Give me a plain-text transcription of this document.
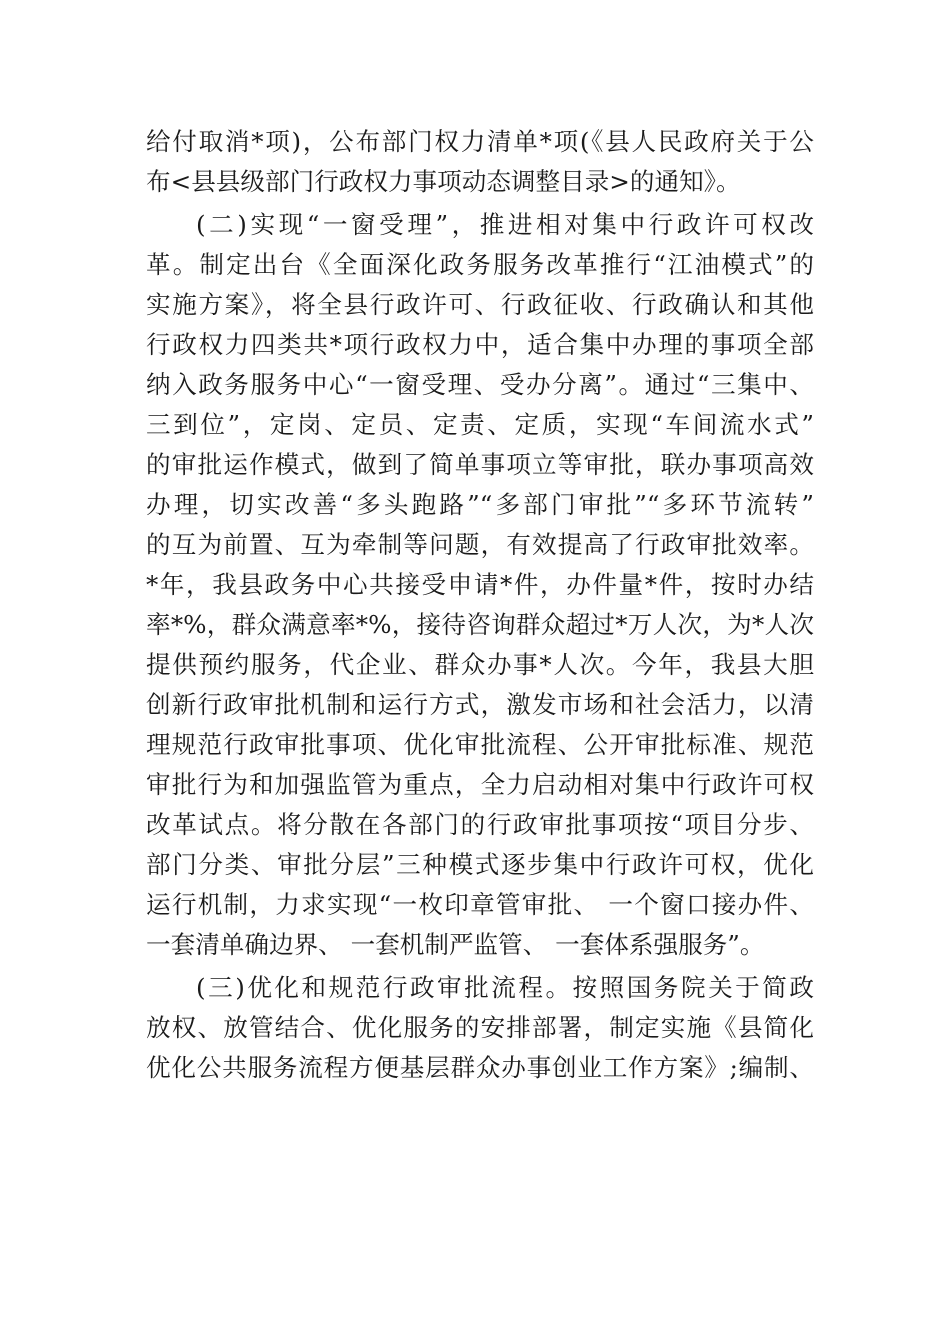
给付取消*项)，公布部门权力清单*项(《县人民政府关于公
布<县县级部门行政权力事项动态调整目录>的通知》。
(二)实现“一窗受理”，推进相对集中行政许可权改
革。制定出台《全面深化政务服务改革推行“江油模式”的
实施方案》，将全县行政许可、行政征收、行政确认和其他
行政权力四类共*项行政权力中，适合集中办理的事项全部
纳入政务服务中心“一窗受理、受办分离”。通过“三集中、
三到位”，定岗、定员、定责、定质，实现“车间流水式”
的审批运作模式，做到了简单事项立等审批，联办事项高效
办理，切实改善“多头跑路”“多部门审批”“多环节流转”
的互为前置、互为牵制等问题，有效提高了行政审批效率。
*年，我县政务中心共接受申请*件，办件量*件，按时办结
率*%，群众满意率*%，接待咨询群众超过*万人次，为*人次
提供预约服务，代企业、群众办事*人次。今年，我县大胆
创新行政审批机制和运行方式，激发市场和社会活力，以清
理规范行政审批事项、优化审批流程、公开审批标准、规范
审批行为和加强监管为重点，全力启动相对集中行政许可权
改革试点。将分散在各部门的行政审批事项按“项目分步、
部门分类、审批分层”三种模式逐步集中行政许可权，优化
运行机制，力求实现“一枚印章管审批、 一个窗口接办件、
一套清单确边界、 一套机制严监管、 一套体系强服务”。
(三)优化和规范行政审批流程。按照国务院关于简政
放权、放管结合、优化服务的安排部署，制定实施《县简化
优化公共服务流程方便基层群众办事创业工作方案》;编制、
